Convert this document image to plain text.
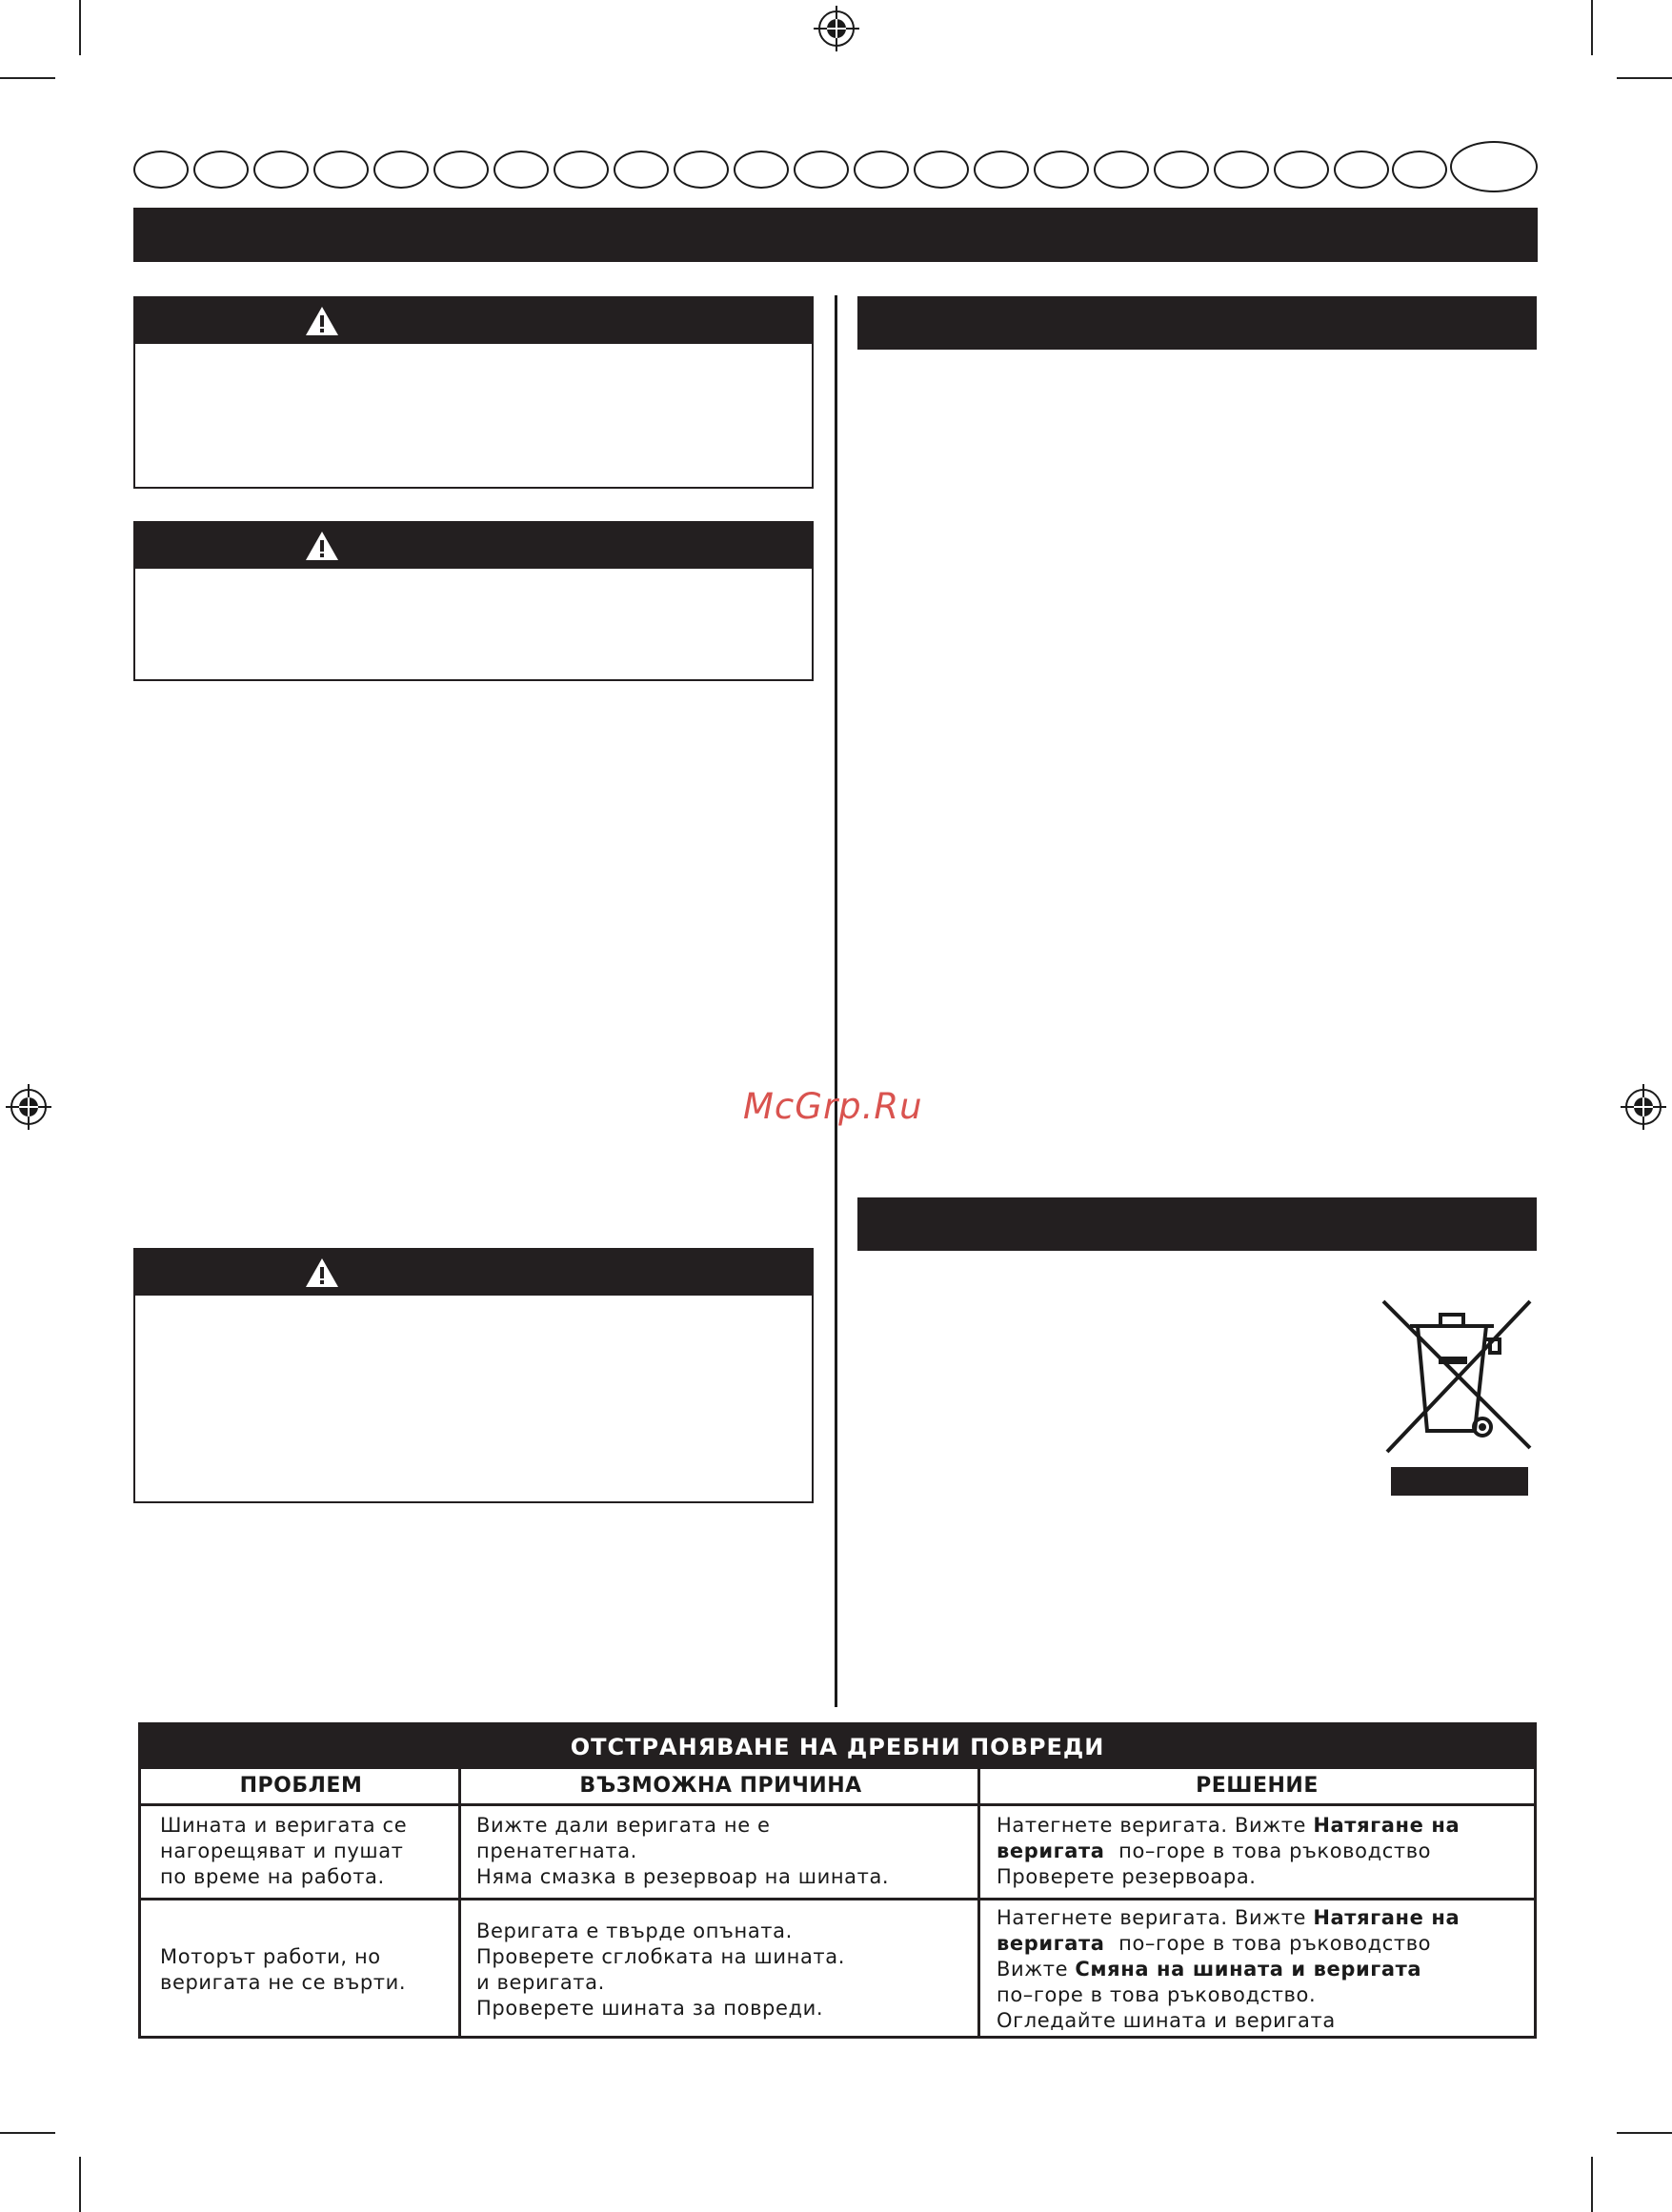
McGrp.Ru
ОТСТРАНЯВАНЕ НА ДРЕБНИ ПОВРЕДИ
ПРОБЛЕМ	ВЪЗМОЖНА ПРИЧИНА	РЕШЕНИЕ
Шината и веригата се
нагорещяват и пушат
по време на работа.
Вижте дали веригата не е
пренатегната.
Няма смазка в резервоар на шината.
Натегнете веригата. Вижте Натягане на
веригата  по–горе в това ръководство
Проверете резервоара.
Моторът работи, но
веригата не се върти.
Веригата е твърде опъната.
Проверете сглобката на шината.
и веригата.
Проверете шината за повреди.
Натегнете веригата. Вижте Натягане на
веригата  по–горе в това ръководство
Вижте Смяна на шината и веригата
по–горе в това ръководство.
Огледайте шината и веригата
